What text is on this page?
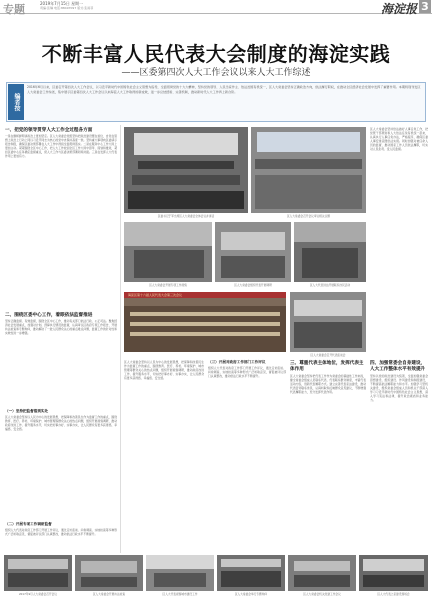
专题	2019年7月15日 星期一
责编:张琳 电话:88497097 版式:张雨菲	海淀报 3
不断丰富人民代表大会制度的海淀实践
——区委第四次人大工作会议以来人大工作综述
编者按
2016年6月以来，区委召开第四次人大工作会议，以习近平新时代中国特色社会主义思想为指导，全面贯彻党的十九大精神，坚持党的领导、人民当家作主、依法治国有机统一，区人大常委会坚持正确政治方向，依法履行职权，在推动全区经济社会发展中发挥了重要作用。本期特别刊发区人大常委会工作综述，集中展示区委第四次人大工作会议以来海淀人大工作取得的新成效，进一步总结经验、完善机制，推动新时代人大工作再上新台阶。
一、把党的领导贯穿人大工作全过程各方面
一是在旗帜鲜明讲政治上更加坚定。区人大常委会党组坚持把政治建设摆在首位，自觉在思想上政治上行动上同以习近平同志为核心的党中央保持高度一致。坚持重大事项向区委请示报告制度，确保区委决策部署在人大工作中得到全面贯彻落实。二是在服务中心工作大局上更加主动。紧紧围绕全区中心工作，把人大工作放到全区工作大局中思考、谋划和推进，紧扣区委中心任务确定监督重点，使人大工作与区委决策部署同频共振。三是在发挥人大代表作用上更加有力。
二、围绕区委中心工作，着眼依法监督推进
坚持正确监督、有效监督，围绕全区中心工作，推动有关部门依法行政、公正司法。聚焦经济社会发展重点，加强对计划、预算执行情况的监督，认真审议区政府专项工作报告，开展执法检查和专题询问，推动解决了一批人民群众关心的重点难点问题，监督工作的针对性和实效性进一步增强。
（一）坚持把监督落到实处
区人大常委会坚持以人民为中心的发展思想，把保障和改善民生作为监督工作的重点，围绕教育、医疗、养老、环境保护、城市管理等群众关心的热点问题，组织开展视察调研，推动政府改进工作、提升服务水平，切实把好事办好、实事办实，让人民群众有更多获得感、幸福感、安全感。
（二）开展专项工作调研监督
组织人大代表对政府工作部门开展工作评议，通过走访座谈、问卷调查、实地检查等多种形式广泛听取意见，督促被评议部门认真整改，推动依法行政水平不断提升。
区委书记于军出席区人大常委会全体会议并讲话	区人大常委会召开会议审议相关议题
区人大常委会坚持依法做好人事任免工作，把党管干部原则和人大依法任免有机统一起来，认真执行人事任免办法，严格程序，确保区委人事安排意图依法实现。同时加强对被任命人员的监督，推动国家工作人员依法履职，切实对人民负责、受人民监督。
区人大常委会开展专项工作视察	区人大常委会组织代表开展调研	区人大代表进站开展联系选民活动
海淀区第十六届人民代表大会第三次会议
区人大常委会召开代表座谈会
区人大常委会坚持以人民为中心的发展思想，把保障和改善民生作为监督工作的重点，围绕教育、医疗、养老、环境保护、城市管理等群众关心的热点问题，组织开展视察调研，推动政府改进工作、提升服务水平，切实把好事办好、实事办实，让人民群众有更多获得感、幸福感、安全感。
（三）开展对政府工作部门工作评议
组织人大代表对政府工作部门开展工作评议，通过走访座谈、问卷调查、实地检查等多种形式广泛听取意见，督促被评议部门认真整改，推动依法行政水平不断提升。
三、尊重代表主体地位，发挥代表主体作用
区人大常委会坚持把代表工作作为常委会的基础性工作来抓，健全常委会组成人员联系代表、代表联系群众制度，丰富代表活动内容，创新代表履职方式。建立完善代表家站建设，推动代表密切联系选民，认真听取和反映群众意见建议，不断增强代表履职能力，充分发挥代表作用。
四、加强常委会自身建设，人大工作整体水平有效提升
坚持以党的政治建设为统领，全面加强常委会思想建设、组织建设、作风建设和制度建设，不断提高依法履职能力和水平。加强学习型机关建设，组织常委会组成人员和机关干部深入学习习近平新时代中国特色社会主义思想，深入学习宪法和法律，提升政治素质和业务能力。
2017年9月人大常委会召开会议	区人大常委会开展执法检查	区人大代表视察城市建设工作	区人大常委会举行专题询问	区人大常委会机关党建工作会议	区人大代表之家建设现场会
